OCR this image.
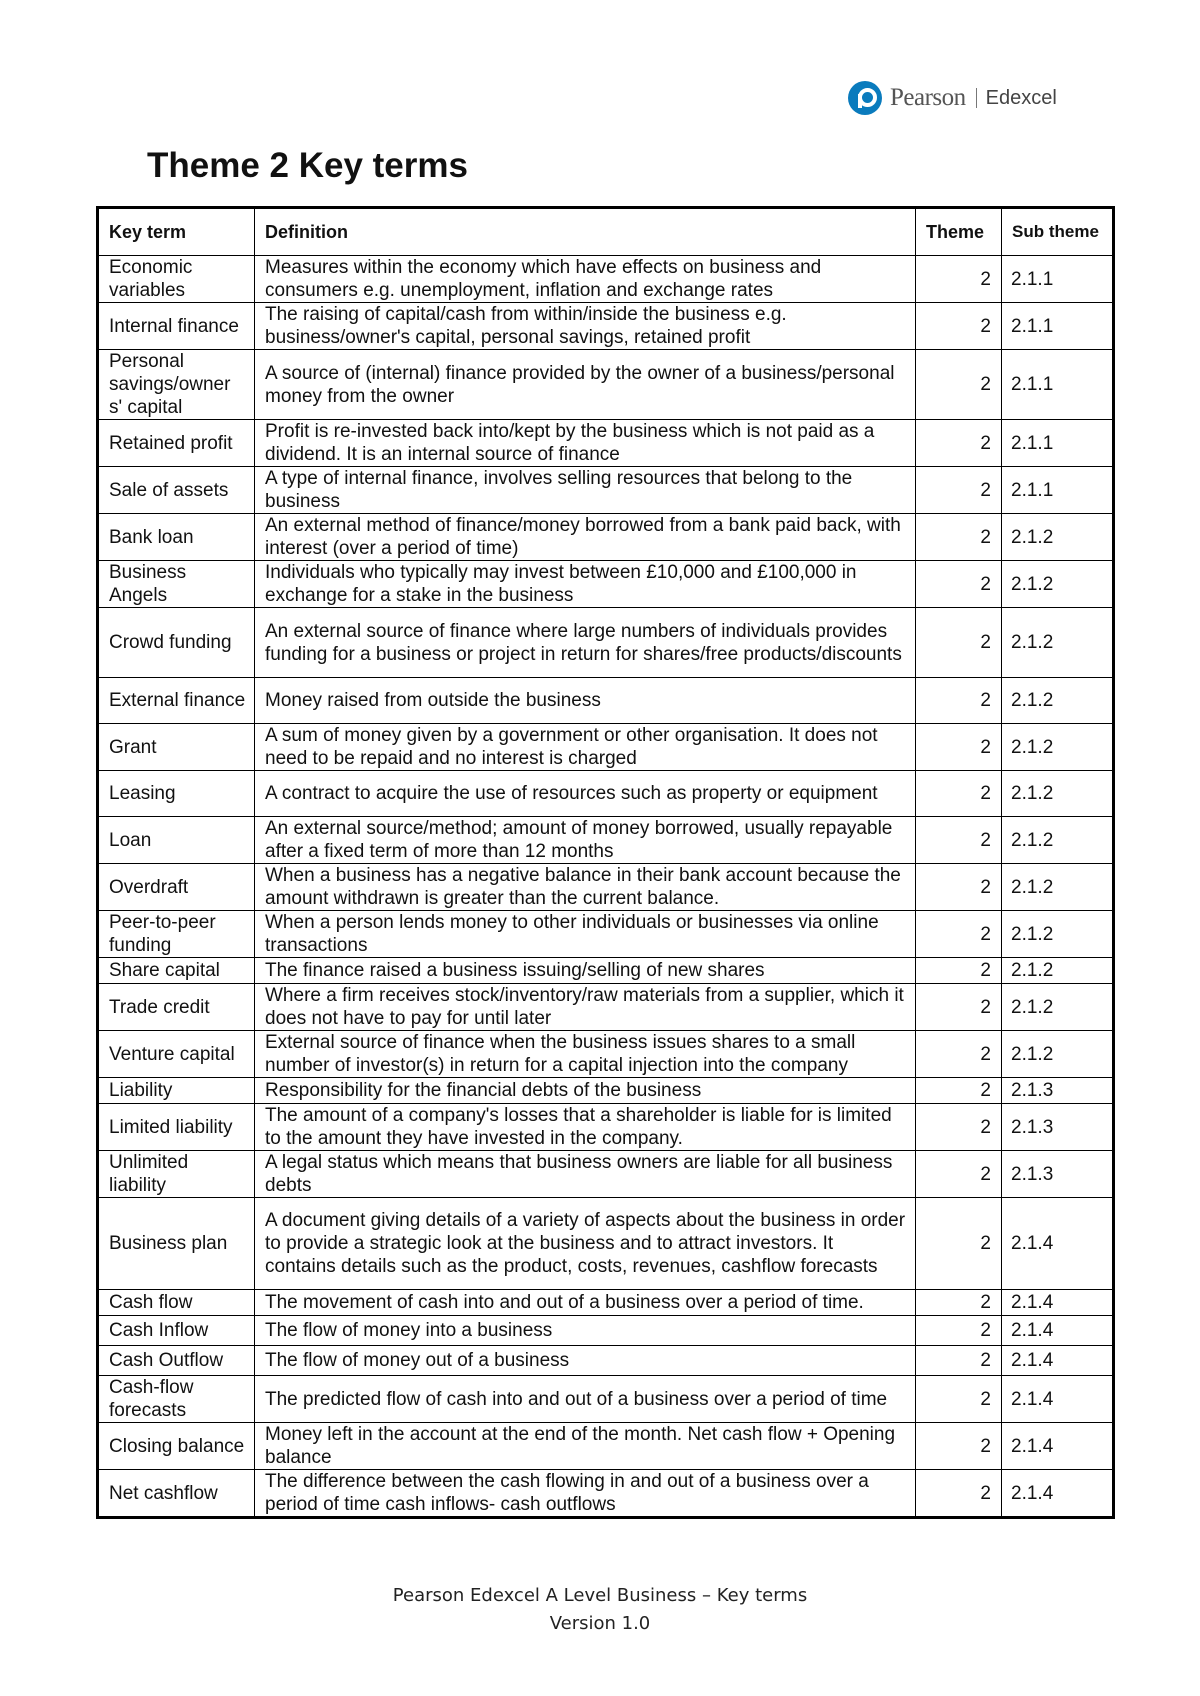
Pearson Edexcel
Theme 2 Key terms
Key term	Definition	Theme	Sub theme
Economic variables	Measures within the economy which have effects on business and consumers e.g. unemployment, inflation and exchange rates	2	2.1.1
Internal finance	The raising of capital/cash from within/inside the business e.g. business/owner's capital, personal savings, retained profit	2	2.1.1
Personal savings/owner s' capital	A source of (internal) finance provided by the owner of a business/personal money from the owner	2	2.1.1
Retained profit	Profit is re-invested back into/kept by the business which is not paid as a dividend. It is an internal source of finance	2	2.1.1
Sale of assets	A type of internal finance, involves selling resources that belong to the business	2	2.1.1
Bank loan	An external method of finance/money borrowed from a bank paid back, with interest (over a period of time)	2	2.1.2
Business Angels	Individuals who typically may invest between £10,000 and £100,000 in exchange for a stake in the business	2	2.1.2
Crowd funding	An external source of finance where large numbers of individuals provides funding for a business or project in return for shares/free products/discounts	2	2.1.2
External finance	Money raised from outside the business	2	2.1.2
Grant	A sum of money given by a government or other organisation. It does not need to be repaid and no interest is charged	2	2.1.2
Leasing	A contract to acquire the use of resources such as property or equipment	2	2.1.2
Loan	An external source/method; amount of money borrowed, usually repayable after a fixed term of more than 12 months	2	2.1.2
Overdraft	When a business has a negative balance in their bank account because the amount withdrawn is greater than the current balance.	2	2.1.2
Peer-to-peer funding	When a person lends money to other individuals or businesses via online transactions	2	2.1.2
Share capital	The finance raised a business issuing/selling of new shares	2	2.1.2
Trade credit	Where a firm receives stock/inventory/raw materials from a supplier, which it does not have to pay for until later	2	2.1.2
Venture capital	External source of finance when the business issues shares to a small number of investor(s) in return for a capital injection into the company	2	2.1.2
Liability	Responsibility for the financial debts of the business	2	2.1.3
Limited liability	The amount of a company's losses that a shareholder is liable for is limited to the amount they have invested in the company.	2	2.1.3
Unlimited liability	A legal status which means that business owners are liable for all business debts	2	2.1.3
Business plan	A document giving details of a variety of aspects about the business in order to provide a strategic look at the business and to attract investors. It contains details such as the product, costs, revenues, cashflow forecasts	2	2.1.4
Cash flow	The movement of cash into and out of a business over a period of time.	2	2.1.4
Cash Inflow	The flow of money into a business	2	2.1.4
Cash Outflow	The flow of money out of a business	2	2.1.4
Cash-flow forecasts	The predicted flow of cash into and out of a business over a period of time	2	2.1.4
Closing balance	Money left in the account at the end of the month. Net cash flow + Opening balance	2	2.1.4
Net cashflow	The difference between the cash flowing in and out of a business over a period of time cash inflows- cash outflows	2	2.1.4
Pearson Edexcel A Level Business – Key terms
Version 1.0
